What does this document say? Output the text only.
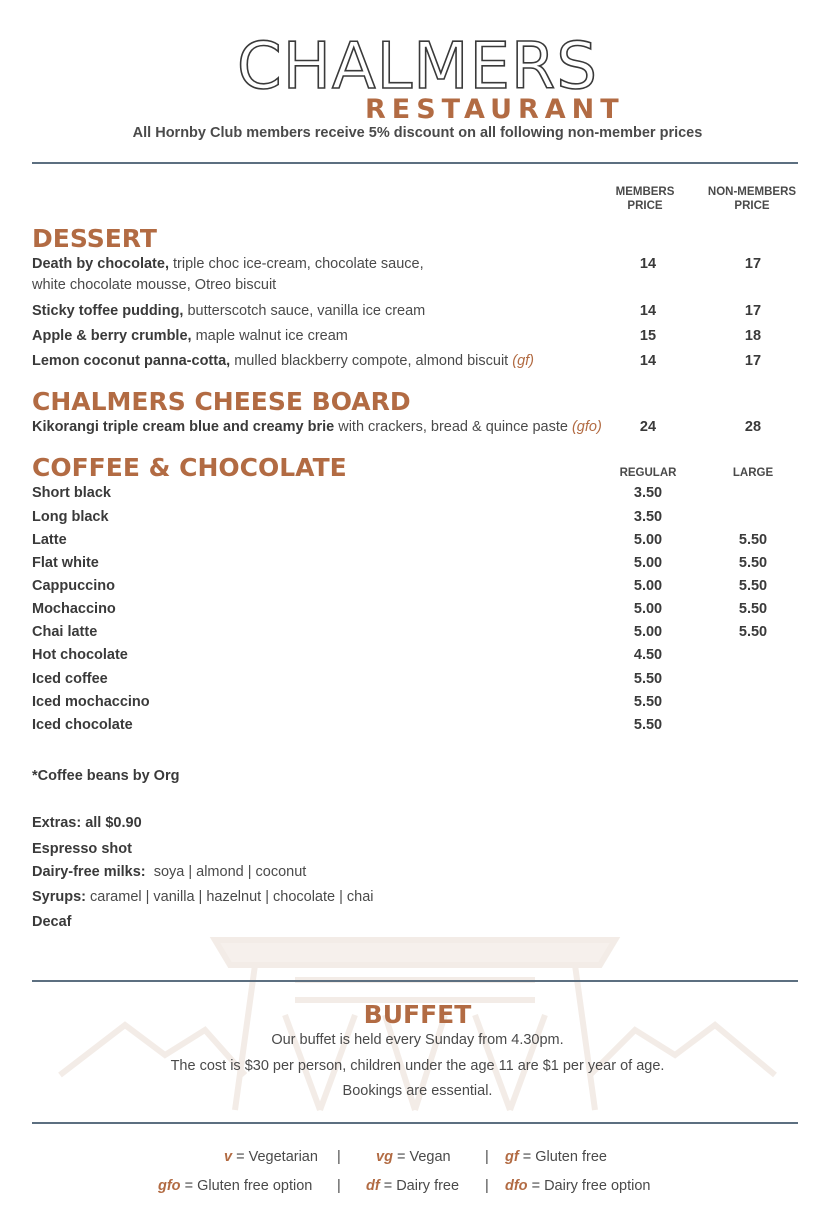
CHALMERS
RESTAURANT
All Hornby Club members receive 5% discount on all following non-member prices
MEMBERS
PRICE
NON-MEMBERS
PRICE
DESSERT
Death by chocolate, triple choc ice-cream, chocolate sauce,
white chocolate mousse, Otreo biscuit
14	17
Sticky toffee pudding, butterscotch sauce, vanilla ice cream	14	17
Apple & berry crumble, maple walnut ice cream	15	18
Lemon coconut panna-cotta, mulled blackberry compote, almond biscuit (gf)	14	17
CHALMERS CHEESE BOARD
Kikorangi triple cream blue and creamy brie with crackers, bread & quince paste (gfo)	24	28
COFFEE & CHOCOLATE	REGULAR	LARGE
Short black	3.50
Long black	3.50
Latte	5.00	5.50
Flat white	5.00	5.50
Cappuccino	5.00	5.50
Mochaccino	5.00	5.50
Chai latte	5.00	5.50
Hot chocolate	4.50
Iced coffee	5.50
Iced mochaccino	5.50
Iced chocolate	5.50
*Coffee beans by Org
Extras: all $0.90
Espresso shot
Dairy-free milks:  soya | almond | coconut
Syrups: caramel | vanilla | hazelnut | chocolate | chai
Decaf
BUFFET
Our buffet is held every Sunday from 4.30pm.
The cost is $30 per person, children under the age 11 are $1 per year of age.
Bookings are essential.
v = Vegetarian | vg = Vegan | gf = Gluten free
gfo = Gluten free option | df = Dairy free | dfo = Dairy free option
